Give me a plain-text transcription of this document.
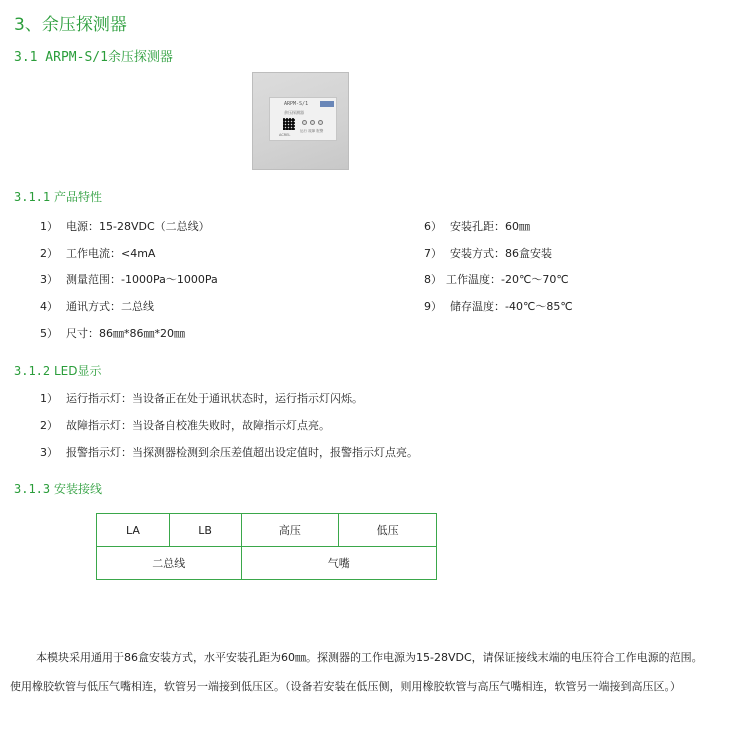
3、余压探测器
3.1 ARPM-S/1余压探测器
ARPM-S/1
余压探测器
运行 故障 报警
ACREL
3.1.1 产品特性
1） 电源：15-28VDC（二总线）
2） 工作电流：<4mA
3） 测量范围：-1000Pa～1000Pa
4） 通讯方式：二总线
5） 尺寸：86㎜*86㎜*20㎜
6） 安装孔距：60㎜
7） 安装方式：86盒安装
8） 工作温度：-20℃～70℃
9） 储存温度：-40℃～85℃
3.1.2 LED显示
1） 运行指示灯：当设备正在处于通讯状态时，运行指示灯闪烁。
2） 故障指示灯：当设备自校准失败时，故障指示灯点亮。
3） 报警指示灯：当探测器检测到余压差值超出设定值时，报警指示灯点亮。
3.1.3 安装接线
LA	LB	高压	低压
二总线		气嘴	
本模块采用通用于86盒安装方式，水平安装孔距为60㎜。探测器的工作电源为15-28VDC，请保证接线末端的电压符合工作电源的范围。使用橡胶软管与低压气嘴相连，软管另一端接到低压区。（设备若安装在低压侧，则用橡胶软管与高压气嘴相连，软管另一端接到高压区。）
